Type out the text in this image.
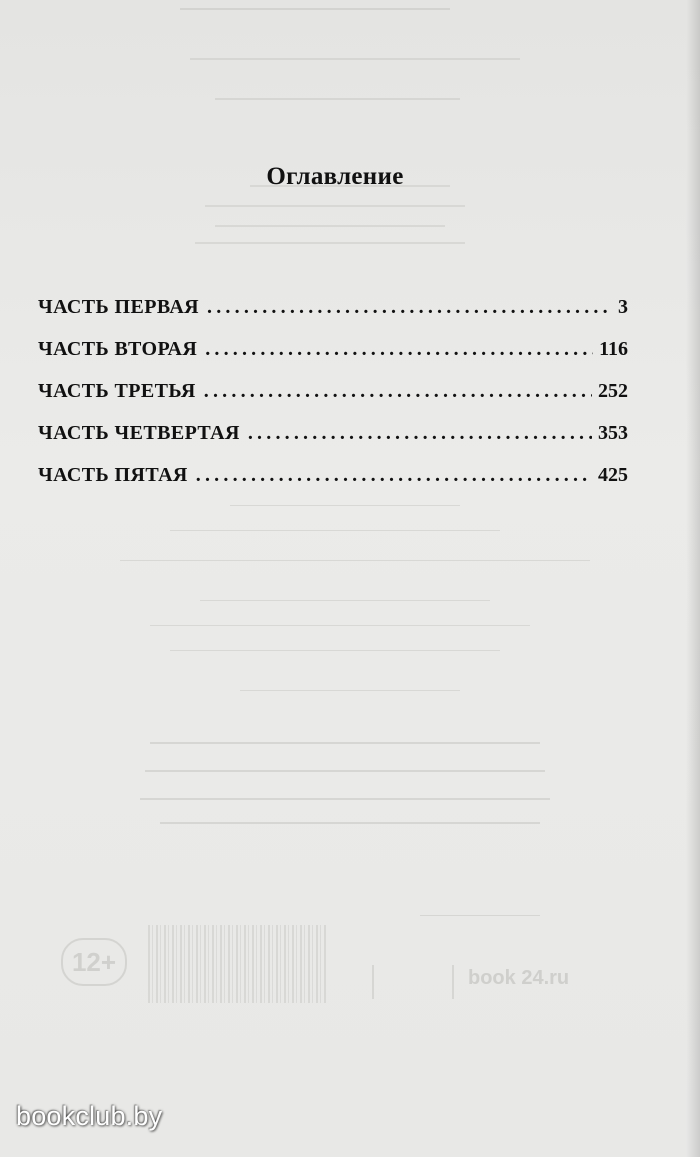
12+
book 24.ru
Оглавление
ЧАСТЬ ПЕРВАЯ .....	3
ЧАСТЬ ВТОРАЯ .....	116
ЧАСТЬ ТРЕТЬЯ .....	252
ЧАСТЬ ЧЕТВЕРТАЯ .....	353
ЧАСТЬ ПЯТАЯ .....	425
bookclub.by
